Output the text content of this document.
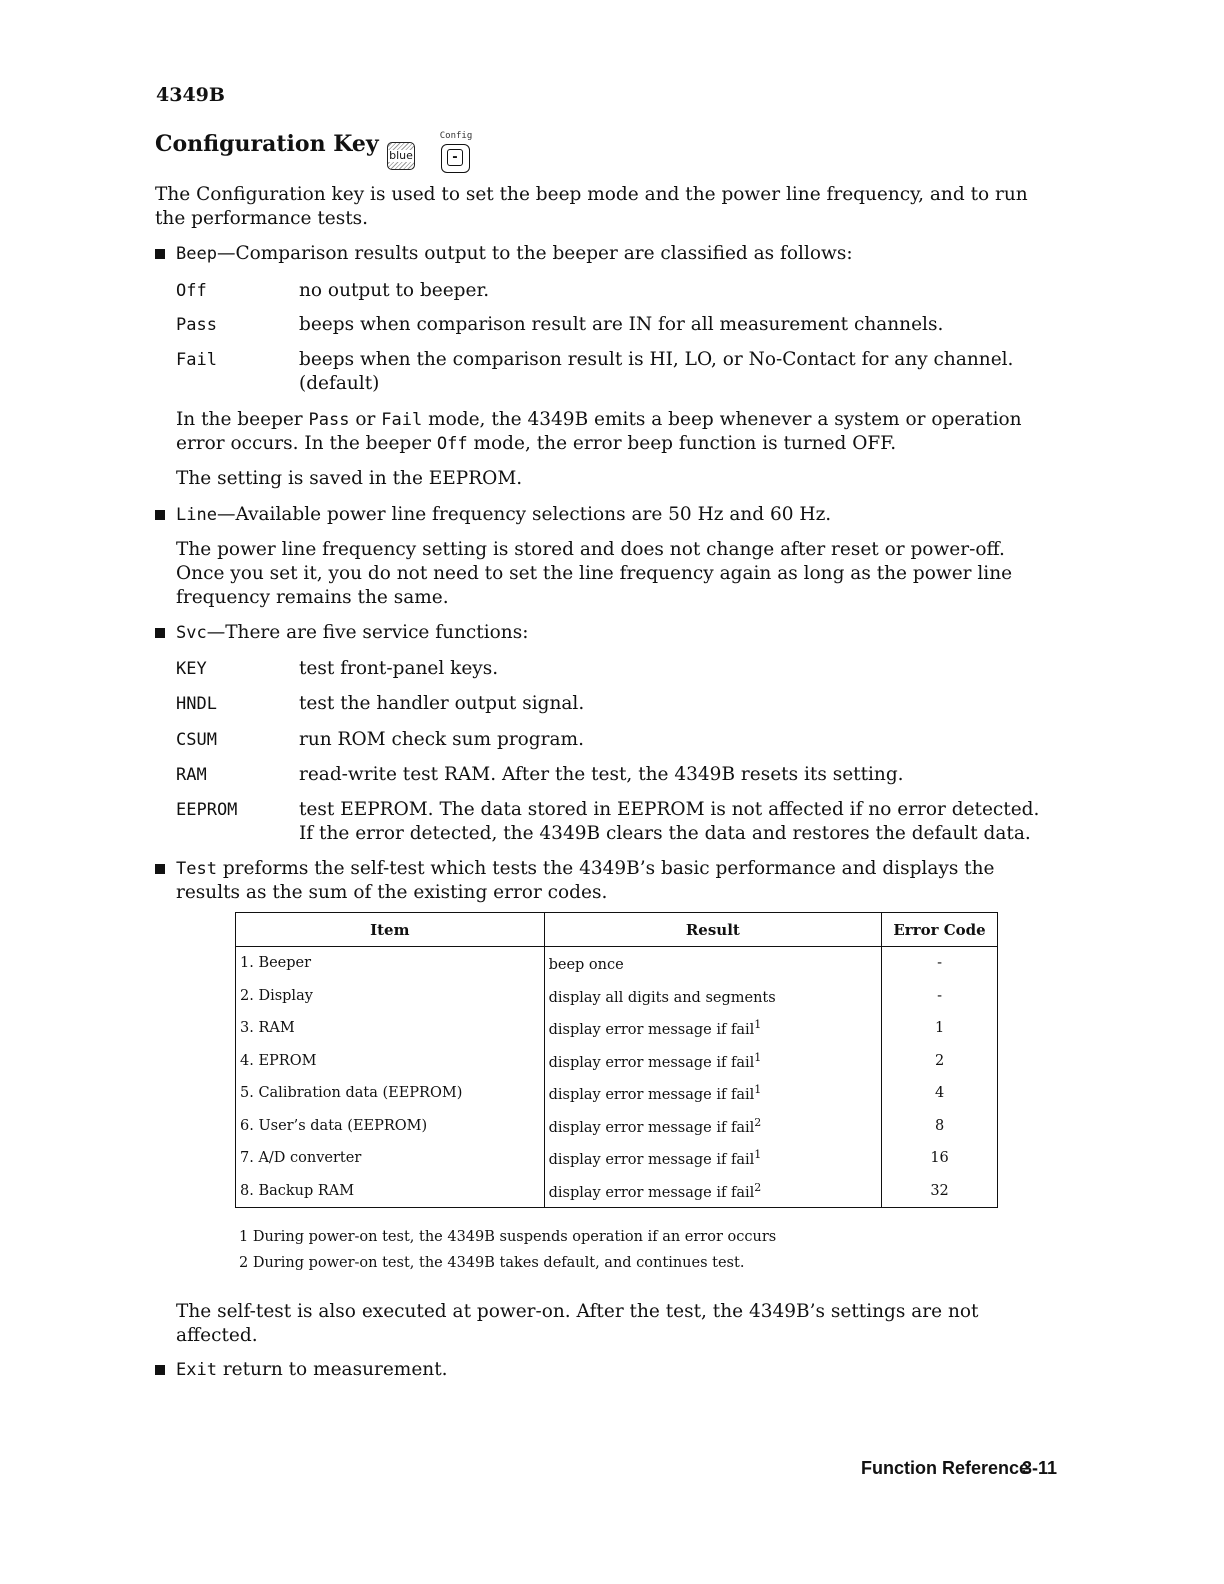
4349B
Configuration Key blue
Config
-
The Configuration key is used to set the beep mode and the power line frequency, and to run
the performance tests.
Beep—Comparison results output to the beeper are classified as follows:
Off	no output to beeper.
Pass	beeps when comparison result are IN for all measurement channels.
Fail	beeps when the comparison result is HI, LO, or No-Contact for any channel.
(default)
In the beeper Pass or Fail mode, the 4349B emits a beep whenever a system or operation
error occurs. In the beeper Off mode, the error beep function is turned OFF.
The setting is saved in the EEPROM.
Line—Available power line frequency selections are 50 Hz and 60 Hz.
The power line frequency setting is stored and does not change after reset or power-off.
Once you set it, you do not need to set the line frequency again as long as the power line
frequency remains the same.
Svc—There are five service functions:
KEY	test front-panel keys.
HNDL	test the handler output signal.
CSUM	run ROM check sum program.
RAM	read-write test RAM. After the test, the 4349B resets its setting.
EEPROM	test EEPROM. The data stored in EEPROM is not affected if no error detected.
If the error detected, the 4349B clears the data and restores the default data.
Test preforms the self-test which tests the 4349B’s basic performance and displays the
results as the sum of the existing error codes.
Item	Result	Error Code
1. Beeper	beep once	-
2. Display	display all digits and segments	-
3. RAM	display error message if fail$^1$	1
4. EPROM	display error message if fail$^1$	2
5. Calibration data (EEPROM)	display error message if fail$^1$	4
6. User’s data (EEPROM)	display error message if fail$^2$	8
7. A/D converter	display error message if fail$^1$	16
8. Backup RAM	display error message if fail$^2$	32
1 During power-on test, the 4349B suspends operation if an error occurs
2 During power-on test, the 4349B takes default, and continues test.
The self-test is also executed at power-on. After the test, the 4349B’s settings are not
affected.
Exit return to measurement.
Function Reference
3-11
